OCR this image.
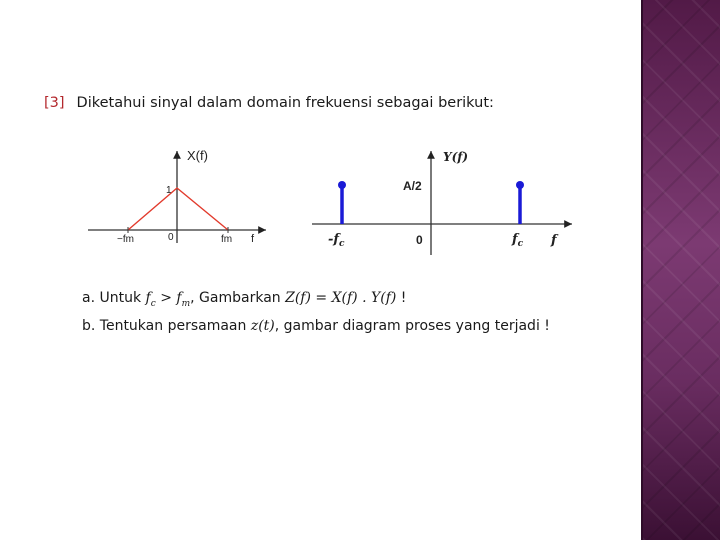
[3] Diketahui sinyal dalam domain frekuensi sebagai berikut:
X(f)
1
0
−fm	fm f
Y(f)
A/2
0
$-f_c$	$f_c$ f
a. Untuk $f_c > f_m$, Gambarkan Z(f) = X(f) . Y(f) !
b. Tentukan persamaan z(t), gambar diagram proses yang terjadi !
